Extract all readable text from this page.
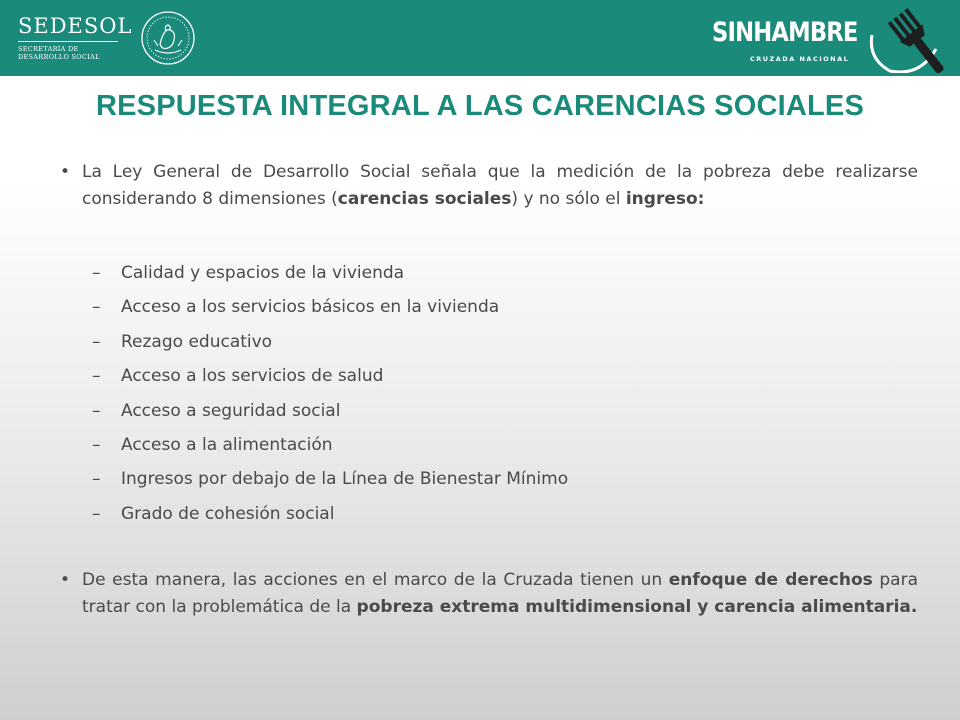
SEDESOL
SECRETARÍA DE
DESARROLLO SOCIAL
SINHAMBRE
CRUZADA NACIONAL
RESPUESTA INTEGRAL A LAS CARENCIAS SOCIALES
• La Ley General de Desarrollo Social señala que la medición de la pobreza debe realizarse considerando 8 dimensiones (carencias sociales) y no sólo el ingreso:
– Calidad y espacios de la vivienda
– Acceso a los servicios básicos en la vivienda
– Rezago educativo
– Acceso a los servicios de salud
– Acceso a seguridad social
– Acceso a la alimentación
– Ingresos por debajo de la Línea de Bienestar Mínimo
– Grado de cohesión social
• De esta manera, las acciones en el marco de la Cruzada tienen un enfoque de derechos para tratar con la problemática de la pobreza extrema multidimensional y carencia alimentaria.
